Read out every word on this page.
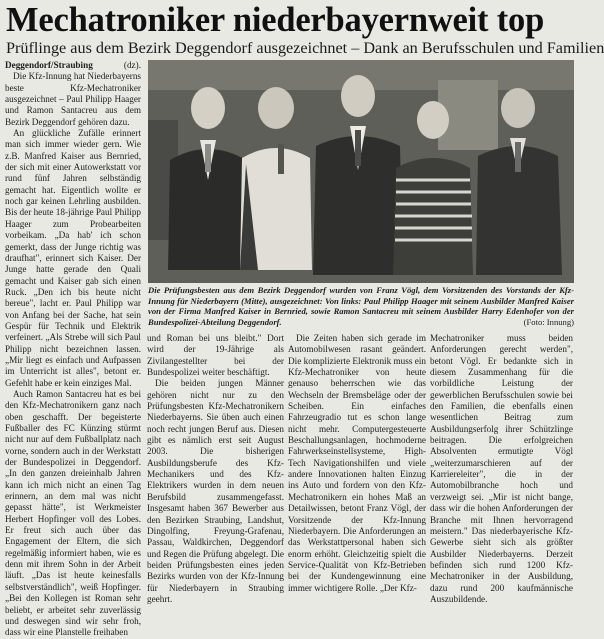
Mechatroniker niederbayernweit top
Prüflinge aus dem Bezirk Deggendorf ausgezeichnet – Dank an Berufsschulen und Familien

Deggendorf/Straubing	(dz).

Die Kfz-Innung hat Niederbayerns beste Kfz-Mechatroniker ausgezeichnet – Paul Philipp Haager und Ramon Santacreu aus dem Bezirk Deggendorf gehören dazu.

An glückliche Zufälle erinnert man sich immer wieder gern. Wie z.B. Manfred Kaiser aus Bernried, der sich mit einer Autowerkstatt vor rund fünf Jahren selbständig gemacht hat. Eigentlich wollte er noch gar keinen Lehrling ausbilden. Bis der heute 18-jährige Paul Philipp Haager zum Probearbeiten vorbeikam. „Da hab' ich schon gemerkt, dass der Junge richtig was draufhat", erinnert sich Kaiser. Der Junge hatte gerade den Quali gemacht und Kaiser gab sich einen Ruck. „Den ich bis heute nicht bereue", lacht er. Paul Philipp war von Anfang bei der Sache, hat sein Gespür für Technik und Elektrik verfeinert. „Als Strebe will sich Paul Philipp nicht bezeichnen lassen. „Mir liegt es einfach und Aufpassen im Unterricht ist alles", betont er. Gefehlt habe er kein einziges Mal.

Auch Ramon Santacreu hat es bei den Kfz-Mechatronikern ganz nach oben geschafft. Der begeisterte Fußballer des FC Künzing stürmt nicht nur auf dem Fußballplatz nach vorne, sondern auch in der Werkstatt der Bundespolizei in Deggendorf. „In den ganzen dreieinhalb Jahren kann ich mich nicht an einen Tag erinnern, an dem mal was nicht gepasst hätte", ist Werkmeister Herbert Hopfinger voll des Lobes. Er freut sich auch über das Engagement der Eltern, die sich regelmäßig informiert haben, wie es denn mit ihrem Sohn in der Arbeit läuft. „Das ist heute keinesfalls selbstverständlich", weiß Hopfinger. „Bei den Kollegen ist Roman sehr beliebt, er arbeitet sehr zuverlässig und deswegen sind wir sehr froh, dass wir eine Planstelle freihaben

Die Prüfungsbesten aus dem Bezirk Deggendorf wurden von Franz Vögl, dem Vorsitzenden des Vorstands der Kfz-Innung für Niederbayern (Mitte), ausgezeichnet: Von links: Paul Philipp Haager mit seinem Ausbilder Manfred Kaiser von der Firma Manfred Kaiser in Bernried, sowie Ramon Santacreu mit seinem Ausbilder Harry Edenhofer von der Bundespolizei-Abteilung Deggendorf.	(Foto: Innung)

und Roman bei uns bleibt." Dort wird der 19-Jährige als Zivilangestellter bei der Bundespolizei weiter beschäftigt.

Die beiden jungen Männer gehören nicht nur zu den Prüfungsbesten Kfz-Mechatronikern Niederbayerns. Sie üben auch einen noch recht jungen Beruf aus. Diesen gibt es nämlich erst seit August 2003. Die bisherigen Ausbildungsberufe des Kfz-Mechanikers und des Kfz-Elektrikers wurden in dem neuen Berufsbild zusammengefasst. Insgesamt haben 367 Bewerber aus den Bezirken Straubing, Landshut, Dingolfing, Freyung-Grafenau, Passau, Waldkirchen, Deggendorf und Regen die Prüfung abgelegt. Die beiden Prüfungsbesten eines jeden Bezirks wurden von der Kfz-Innung für Niederbayern in Straubing geehrt.

Die Zeiten haben sich gerade im Automobilwesen rasant geändert. Die komplizierte Elektronik muss ein Kfz-Mechatroniker von heute genauso beherrschen wie das Wechseln der Bremsbeläge oder der Scheiben. Ein einfaches Fahrzeugradio tut es schon lange nicht mehr. Computergesteuerte Beschallungsanlagen, hochmoderne Fahrwerkseinstellsysteme, High-Tech Navigationshilfen und viele andere Innovationen halten Einzug ins Auto und fordern von den Kfz-Mechatronikern ein hohes Maß an Detailwissen, betont Franz Vögl, der Vorsitzende der Kfz-Innung Niederbayern. Die Anforderungen an das Werkstattpersonal haben sich enorm erhöht. Gleichzeitig spielt die Service-Qualität von Kfz-Betrieben bei der Kundengewinnung eine immer wichtigere Rolle. „Der Kfz-

Mechatroniker muss beiden Anforderungen gerecht werden", betont Vögl. Er bedankte sich in diesem Zusammenhang für die vorbildliche Leistung der gewerblichen Berufsschulen sowie bei den Familien, die ebenfalls einen wesentlichen Beitrag zum Ausbildungserfolg ihrer Schützlinge beitragen. Die erfolgreichen Absolventen ermutigte Vögl „weiterzumarschieren auf der Karriereleiter", die in der Automobilbranche hoch und verzweigt sei. „Mir ist nicht bange, dass wir die hohen Anforderungen der Branche mit Ihnen hervorragend meistern." Das niederbayerische Kfz-Gewerbe sieht sich als größter Ausbilder Niederbayerns. Derzeit befinden sich rund 1200 Kfz-Mechatroniker in der Ausbildung, dazu rund 200 kaufmännische Auszubildende.
